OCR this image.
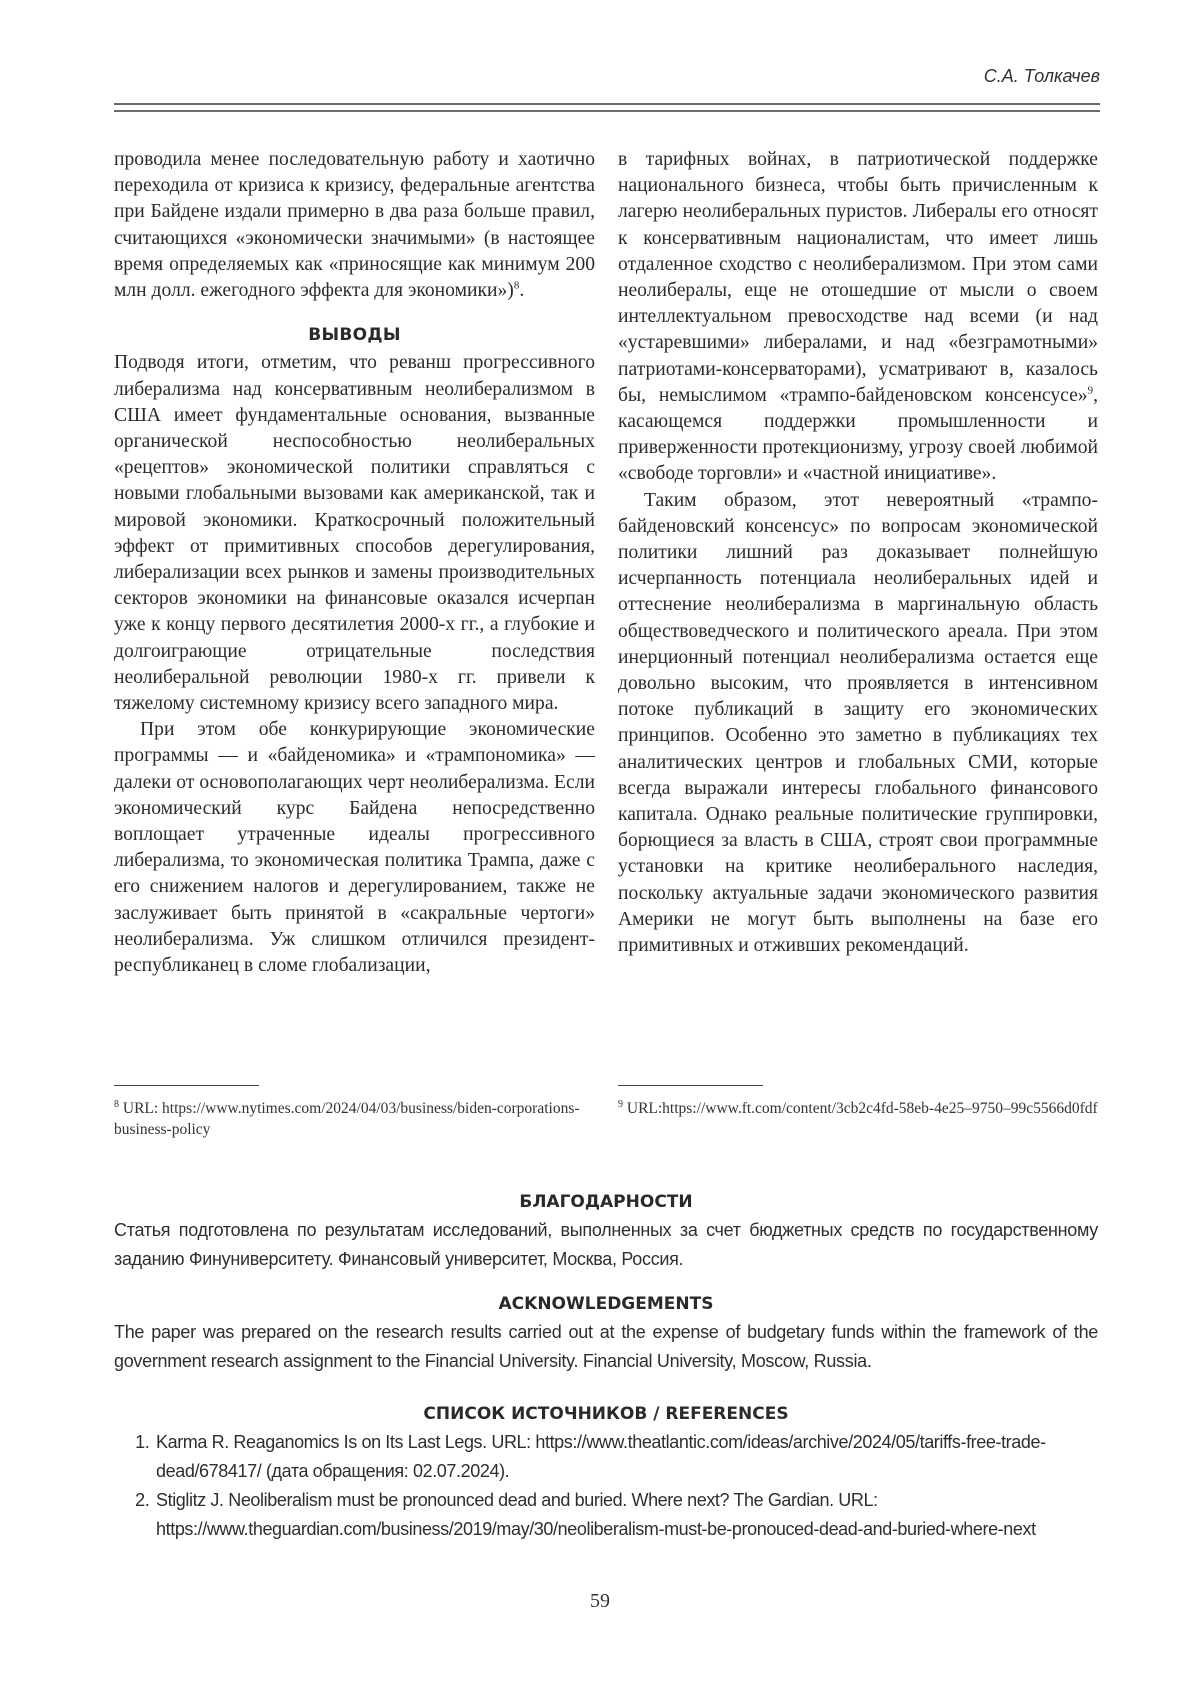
С.А. Толкачев

проводила менее последовательную работу и хаотично переходила от кризиса к кризису, федеральные агентства при Байдене издали примерно в два раза больше правил, считающихся «экономически значимыми» (в настоящее время определяемых как «приносящие как минимум 200 млн долл. ежегодного эффекта для экономики»)$^8$.

ВЫВОДЫ

Подводя итоги, отметим, что реванш прогрессивного либерализма над консервативным неолиберализмом в США имеет фундаментальные основания, вызванные органической неспособностью неолиберальных «рецептов» экономической политики справляться с новыми глобальными вызовами как американской, так и мировой экономики. Краткосрочный положительный эффект от примитивных способов дерегулирования, либерализации всех рынков и замены производительных секторов экономики на финансовые оказался исчерпан уже к концу первого десятилетия 2000-х гг., а глубокие и долгоиграющие отрицательные последствия неолиберальной революции 1980-х гг. привели к тяжелому системному кризису всего западного мира.

При этом обе конкурирующие экономические программы — и «байденомика» и «трампономика» — далеки от основополагающих черт неолиберализма. Если экономический курс Байдена непосредственно воплощает утраченные идеалы прогрессивного либерализма, то экономическая политика Трампа, даже с его снижением налогов и дерегулированием, также не заслуживает быть принятой в «сакральные чертоги» неолиберализма. Уж слишком отличился президент-республиканец в сломе глобализации,

в тарифных войнах, в патриотической поддержке национального бизнеса, чтобы быть причисленным к лагерю неолиберальных пуристов. Либералы его относят к консервативным националистам, что имеет лишь отдаленное сходство с неолиберализмом. При этом сами неолибералы, еще не отошедшие от мысли о своем интеллектуальном превосходстве над всеми (и над «устаревшими» либералами, и над «безграмотными» патриотами-консерваторами), усматривают в, казалось бы, немыслимом «трампо-байденовском консенсусе»$^9$, касающемся поддержки промышленности и приверженности протекционизму, угрозу своей любимой «свободе торговли» и «частной инициативе».

Таким образом, этот невероятный «трампо-байденовский консенсус» по вопросам экономической политики лишний раз доказывает полнейшую исчерпанность потенциала неолиберальных идей и оттеснение неолиберализма в маргинальную область обществоведческого и политического ареала. При этом инерционный потенциал неолиберализма остается еще довольно высоким, что проявляется в интенсивном потоке публикаций в защиту его экономических принципов. Особенно это заметно в публикациях тех аналитических центров и глобальных СМИ, которые всегда выражали интересы глобального финансового капитала. Однако реальные политические группировки, борющиеся за власть в США, строят свои программные установки на критике неолиберального наследия, поскольку актуальные задачи экономического развития Америки не могут быть выполнены на базе его примитивных и отживших рекомендаций.

$^8$ URL: https://www.nytimes.com/2024/04/03/business/biden-corporations-business-policy
$^9$ URL:https://www.ft.com/content/3cb2c4fd-58eb-4e25–9750–99c5566d0fdf
БЛАГОДАРНОСТИ

Статья подготовлена по результатам исследований, выполненных за счет бюджетных средств по государственному заданию Финуниверситету. Финансовый университет, Москва, Россия.

ACKNOWLEDGEMENTS

The paper was prepared on the research results carried out at the expense of budgetary funds within the framework of the government research assignment to the Financial University. Financial University, Moscow, Russia.

СПИСОК ИСТОЧНИКОВ / REFERENCES
1. Karma R. Reaganomics Is on Its Last Legs. URL: https://www.theatlantic.com/ideas/archive/2024/05/tariffs-free-trade-dead/678417/ (дата обращения: 02.07.2024).
2. Stiglitz J. Neoliberalism must be pronounced dead and buried. Where next? The Gardian. URL: https://www.theguardian.com/business/2019/may/30/neoliberalism-must-be-pronouced-dead-and-buried-where-next
59
